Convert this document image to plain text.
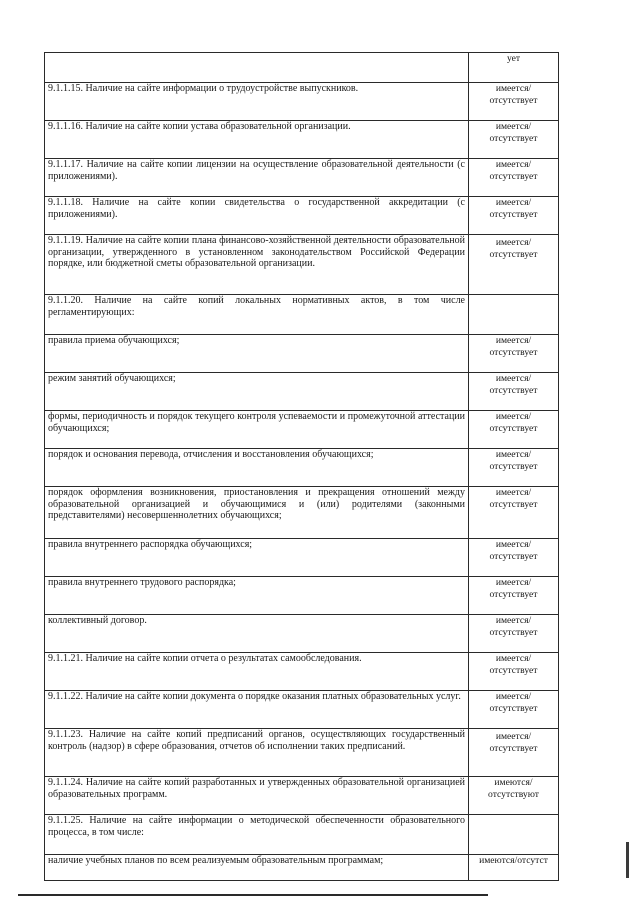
	ует
9.1.1.15. Наличие на сайте информации о трудоустройстве выпускников.	имеется/отсутствует
9.1.1.16. Наличие на сайте копии устава образовательной организации.	имеется/отсутствует
9.1.1.17. Наличие на сайте копии лицензии на осуществление образовательной деятельности (с приложениями).	имеется/отсутствует
9.1.1.18. Наличие на сайте копии свидетельства о государственной аккредитации (с приложениями).	имеется/отсутствует
9.1.1.19. Наличие на сайте копии плана финансово-хозяйственной деятельности образовательной организации, утвержденного в установленном законодательством Российской Федерации порядке, или бюджетной сметы образовательной организации.	имеется/отсутствует
9.1.1.20. Наличие на сайте копий локальных нормативных актов, в том числе регламентирующих:	
правила приема обучающихся;	имеется/отсутствует
режим занятий обучающихся;	имеется/отсутствует
формы, периодичность и порядок текущего контроля успеваемости и промежуточной аттестации обучающихся;	имеется/отсутствует
порядок и основания перевода, отчисления и восстановления обучающихся;	имеется/отсутствует
порядок оформления возникновения, приостановления и прекращения отношений между образовательной организацией и обучающимися и (или) родителями (законными представителями) несовершеннолетних обучающихся;	имеется/отсутствует
правила внутреннего распорядка обучающихся;	имеется/отсутствует
правила внутреннего трудового распорядка;	имеется/отсутствует
коллективный договор.	имеется/отсутствует
9.1.1.21. Наличие на сайте копии отчета о результатах самообследования.	имеется/отсутствует
9.1.1.22. Наличие на сайте копии документа о порядке оказания платных образовательных услуг.	имеется/отсутствует
9.1.1.23. Наличие на сайте копий предписаний органов, осуществляющих государственный контроль (надзор) в сфере образования, отчетов об исполнении таких предписаний.	имеется/отсутствует
9.1.1.24. Наличие на сайте копий разработанных и утвержденных образовательной организацией образовательных программ.	имеются/отсутствуют
9.1.1.25. Наличие на сайте информации о методической обеспеченности образовательного процесса, в том числе:	
наличие учебных планов по всем реализуемым образовательным программам;	имеются/отсутст
